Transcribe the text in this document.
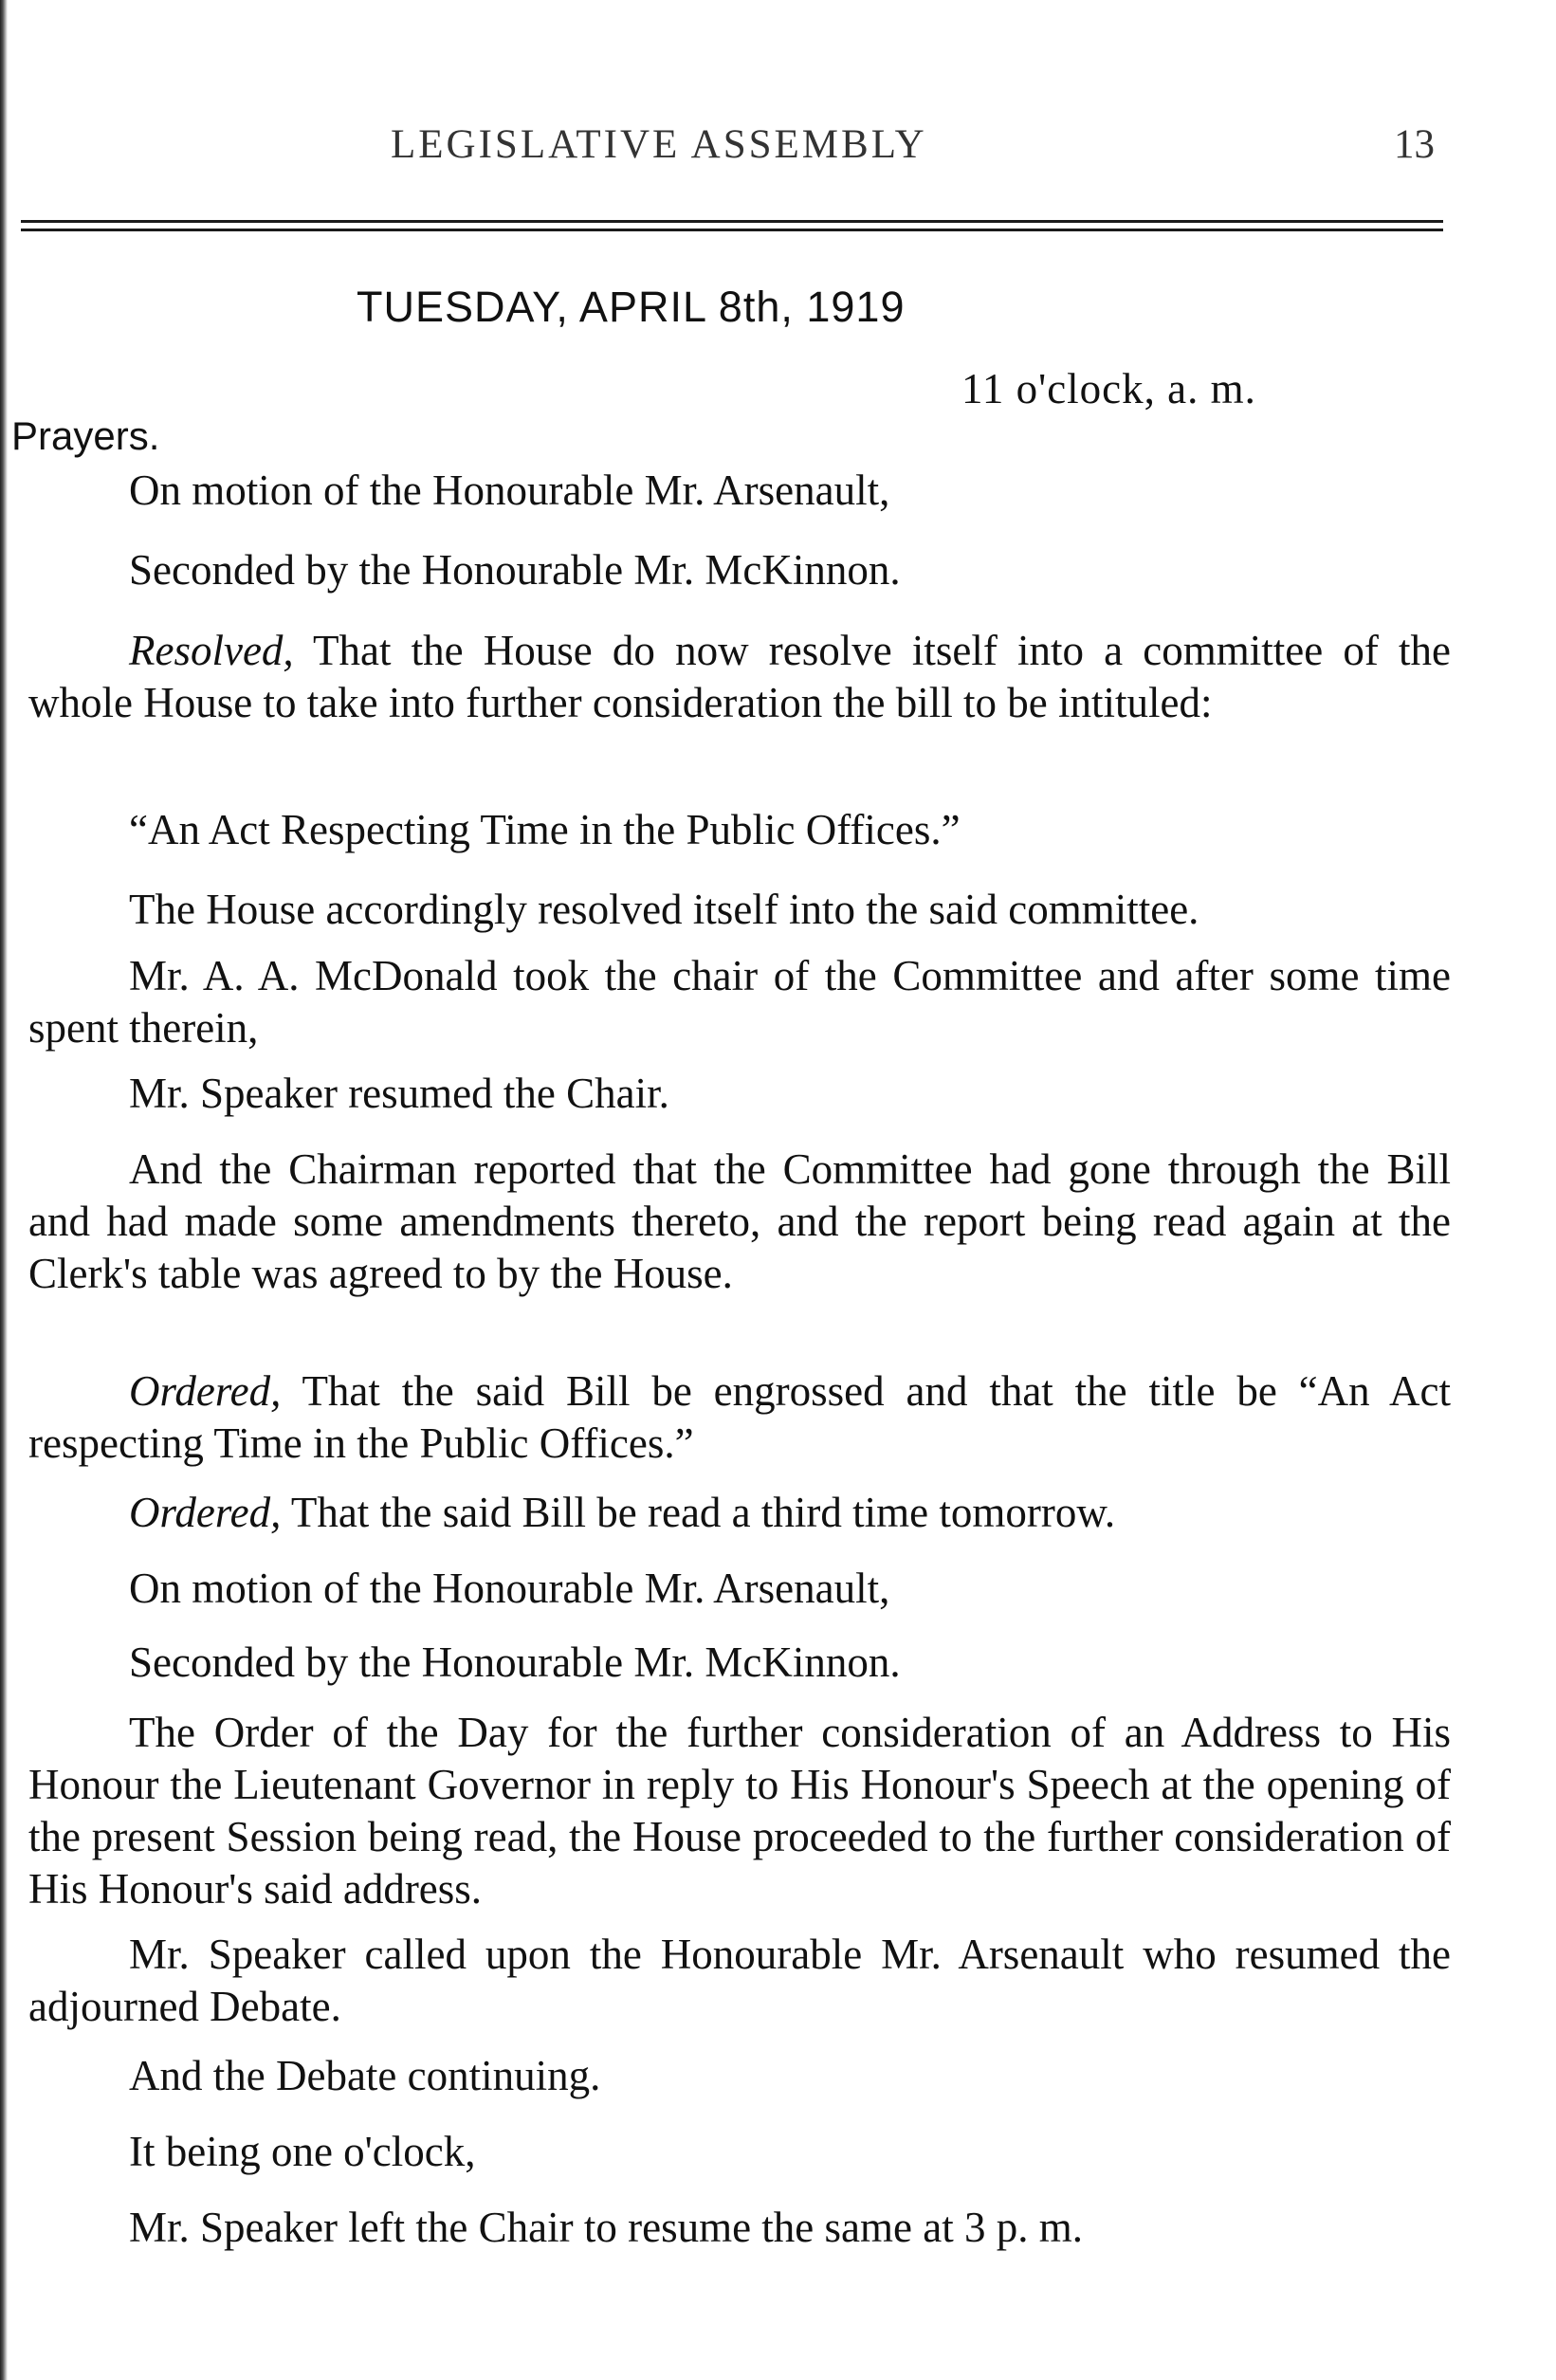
LEGISLATIVE ASSEMBLY	13
TUESDAY, APRIL 8th, 1919
11 o'clock, a. m.
Prayers.

On motion of the Honourable Mr. Arsenault,

Seconded by the Honourable Mr. McKinnon.

Resolved, That the House do now resolve itself into a committee of the whole House to take into further consideration the bill to be intituled:

“An Act Respecting Time in the Public Offices.”

The House accordingly resolved itself into the said committee.

Mr. A. A. McDonald took the chair of the Committee and after some time spent therein,

Mr. Speaker resumed the Chair.

And the Chairman reported that the Committee had gone through the Bill and had made some amendments thereto, and the report being read again at the Clerk's table was agreed to by the House.

Ordered, That the said Bill be engrossed and that the title be “An Act respecting Time in the Public Offices.”

Ordered, That the said Bill be read a third time tomorrow.

On motion of the Honourable Mr. Arsenault,

Seconded by the Honourable Mr. McKinnon.

The Order of the Day for the further consideration of an Address to His Honour the Lieutenant Governor in reply to His Honour's Speech at the opening of the present Session being read, the House proceeded to the further consideration of His Honour's said address.

Mr. Speaker called upon the Honourable Mr. Arsenault who resumed the adjourned Debate.

And the Debate continuing.

It being one o'clock,

Mr. Speaker left the Chair to resume the same at 3 p. m.
